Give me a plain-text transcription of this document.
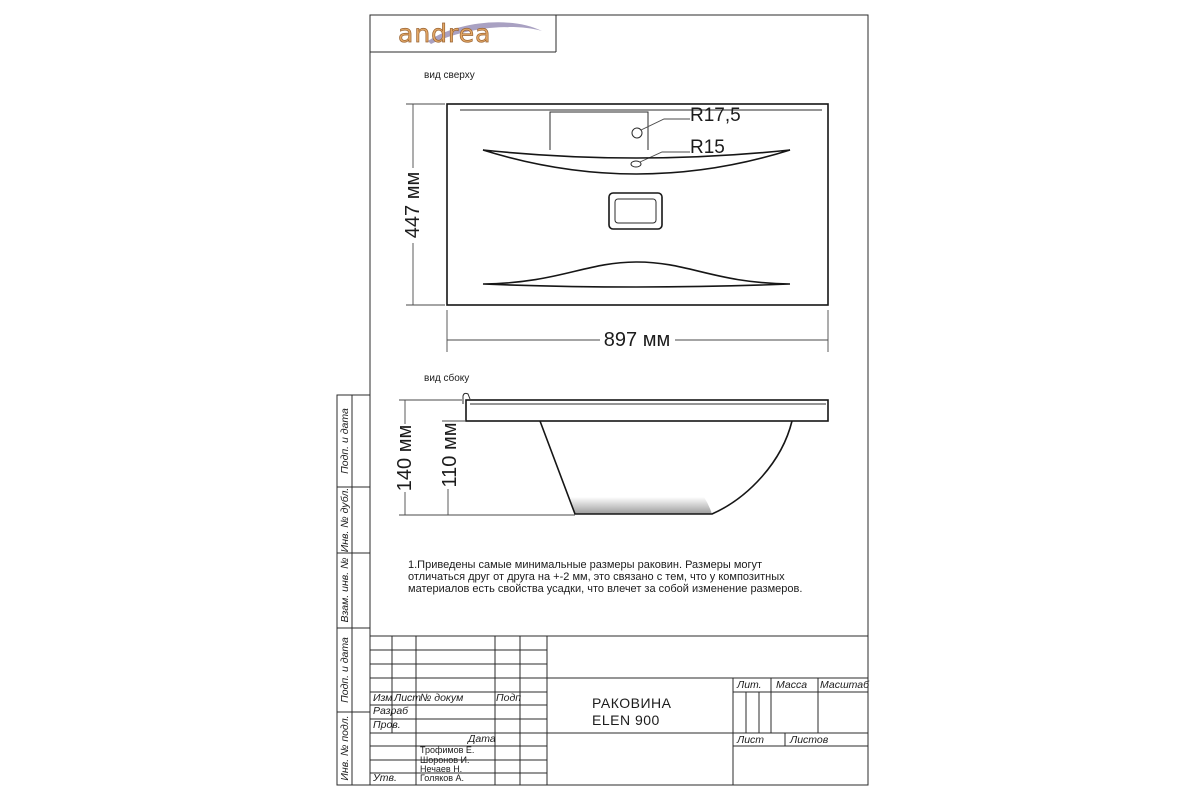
andrea
Подп. и дата
Инв. № дубл.
Взам. инв. №
Подп. и дата
Инв. № подл.
вид сверху
R17,5
R15
447 мм
897 мм
вид сбоку
140 мм 110 мм
1.Приведены самые минимальные размеры раковин. Размеры могут
отличаться друг от друга на +-2 мм, это связано с тем, что у композитных
материалов есть свойства усадки, что влечет за собой изменение размеров.
Изм Лист
№ докум	Подп
Дата
Разраб
Пров.
Утв.
Трофимов Е.
Шоронов И.
Нечаев Н.
Голяков А.
РАКОВИНА
ELEN 900
Лит. Масса Масштаб
Лист Листов
